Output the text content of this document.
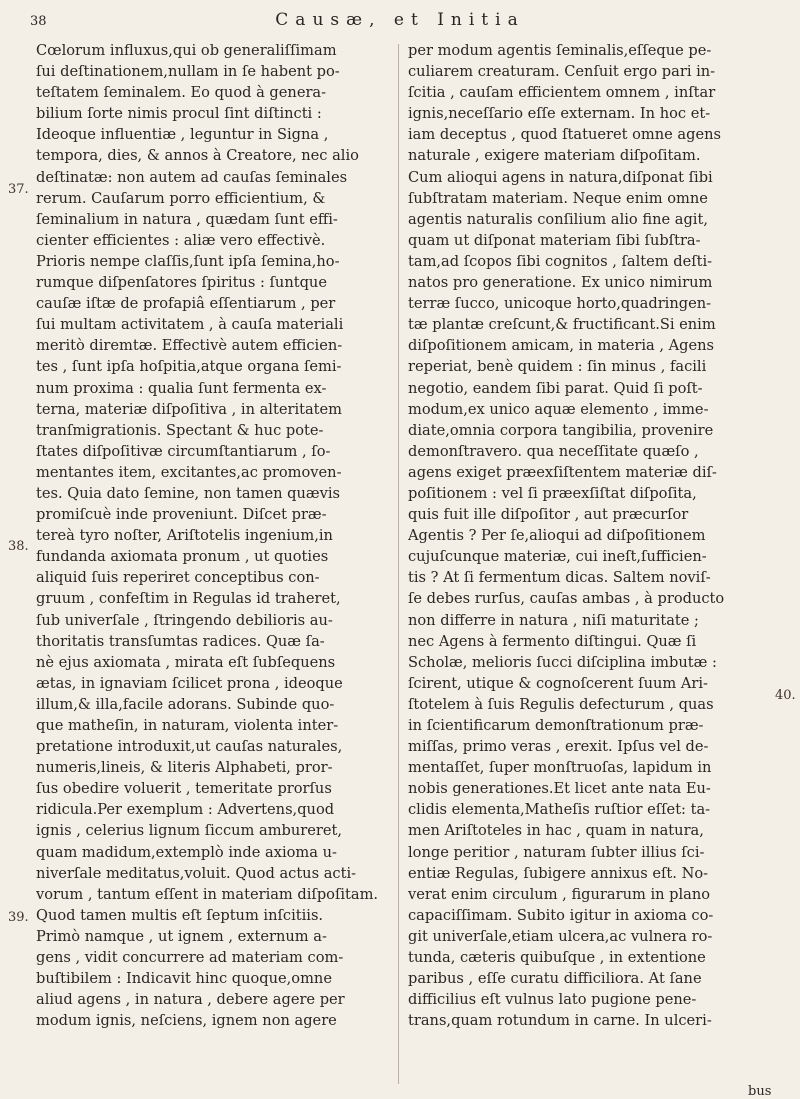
38	Causæ, et Initia
37.
38.
39.
40.
Cœlorum influxus,qui ob generaliſſimam
ſui deſtinationem,nullam in ſe habent po-
teſtatem ſeminalem. Eo quod à genera-
bilium ſorte nimis procul ſint diſtincti :
Ideoque influentiæ , leguntur in Signa ,
tempora, dies, & annos à Creatore, nec alio
deſtinatæ: non autem ad cauſas ſeminales
rerum. Cauſarum porro efficientium, &
ſeminalium in natura , quædam ſunt effi-
cienter efficientes : aliæ vero effectivè.
Prioris nempe claſſis,ſunt ipſa ſemina,ho-
rumque diſpenſatores ſpiritus : ſuntque
cauſæ iſtæ de profapiâ eſſentiarum , per
ſui multam activitatem , à cauſa materiali
meritò diremtæ. Effectivè autem efficien-
tes , ſunt ipſa hoſpitia,atque organa ſemi-
num proxima : qualia ſunt fermenta ex-
terna, materiæ diſpoſitiva , in alteritatem
tranſmigrationis. Spectant & huc pote-
ſtates diſpoſitivæ circumſtantiarum , ſo-
mentantes item, excitantes,ac promoven-
tes. Quia dato ſemine, non tamen quævis
promiſcuè inde proveniunt. Diſcet præ-
tereà tyro noſter, Ariſtotelis ingenium,in
fundanda axiomata pronum , ut quoties
aliquid ſuis reperiret conceptibus con-
gruum , confeſtim in Regulas id traheret,
ſub univerſale , ſtringendo debilioris au-
thoritatis transſumtas radices. Quæ ſa-
nè ejus axiomata , mirata eſt ſubſequens
ætas, in ignaviam ſcilicet prona , ideoque
illum,& illa,facile adorans. Subinde quo-
que matheſin, in naturam, violenta inter-
pretatione introduxit,ut cauſas naturales,
numeris,lineis, & literis Alphabeti, pror-
ſus obedire voluerit , temeritate prorſus
ridicula.Per exemplum : Advertens,quod
ignis , celerius lignum ſiccum ambureret,
quam madidum,extemplò inde axioma u-
niverſale meditatus,voluit. Quod actus acti-
vorum , tantum eſſent in materiam diſpoſitam.
Quod tamen multis eſt ſeptum inſcitiis.
Primò namque , ut ignem , externum a-
gens , vidit concurrere ad materiam com-
buſtibilem : Indicavit hinc quoque,omne
aliud agens , in natura , debere agere per
modum ignis, neſciens, ignem non agere
per modum agentis ſeminalis,eſſeque pe-
culiarem creaturam. Cenſuit ergo pari in-
ſcitia , cauſam efficientem omnem , inſtar
ignis,neceſſario eſſe externam. In hoc et-
iam deceptus , quod ſtatueret omne agens
naturale , exigere materiam diſpoſitam.
Cum alioqui agens in natura,diſponat ſibi
ſubſtratam materiam. Neque enim omne
agentis naturalis conſilium alio fine agit,
quam ut diſponat materiam ſibi ſubſtra-
tam,ad ſcopos ſibi cognitos , ſaltem deſti-
natos pro generatione. Ex unico nimirum
terræ ſucco, unicoque horto,quadringen-
tæ plantæ creſcunt,& fructificant.Si enim
diſpoſitionem amicam, in materia , Agens
reperiat, benè quidem : ſin minus , facili
negotio, eandem ſibi parat. Quid ſi poſt-
modum,ex unico aquæ elemento , imme-
diate,omnia corpora tangibilia, provenire
demonſtravero. qua neceſſitate quæſo ,
agens exiget præexſiſtentem materiæ diſ-
poſitionem : vel ſi præexſiſtat diſpoſita,
quis fuit ille diſpoſitor , aut præcurſor
Agentis ? Per ſe,alioqui ad diſpoſitionem
cujuſcunque materiæ, cui ineſt,ſufficien-
tis ? At ſi fermentum dicas. Saltem noviſ-
ſe debes rurſus, cauſas ambas , à producto
non differre in natura , niſi maturitate ;
nec Agens à fermento diſtingui. Quæ ſi
Scholæ, melioris ſucci diſciplina imbutæ :
ſcirent, utique & cognoſcerent ſuum Ari-
ſtotelem à ſuis Regulis defecturum , quas
in ſcientificarum demonſtrationum præ-
miſſas, primo veras , erexit. Ipſus vel de-
mentaſſet, ſuper monſtruoſas, lapidum in
nobis generationes.Et licet ante nata Eu-
clidis elementa,Matheſis ruſtior eſſet: ta-
men Ariſtoteles in hac , quam in natura,
longe peritior , naturam ſubter illius ſci-
entiæ Regulas, ſubigere annixus eſt. No-
verat enim circulum , figurarum in plano
capaciſſimam. Subito igitur in axioma co-
git univerſale,etiam ulcera,ac vulnera ro-
tunda, cæteris quibuſque , in extentione
paribus , eſſe curatu difficiliora. At ſane
difficilius eſt vulnus lato pugione pene-
trans,quam rotundum in carne. In ulceri-
bus
